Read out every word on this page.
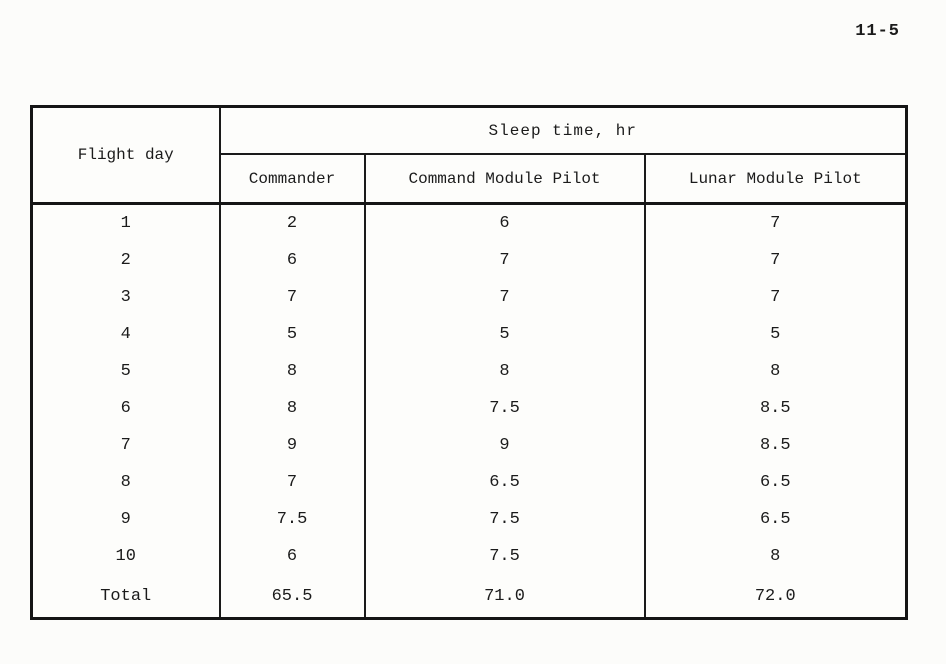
11-5
Flight day	Sleep time, hr		
	Commander	Command Module Pilot	Lunar Module Pilot
1	2	6	7
2	6	7	7
3	7	7	7
4	5	5	5
5	8	8	8
6	8	7.5	8.5
7	9	9	8.5
8	7	6.5	6.5
9	7.5	7.5	6.5
10	6	7.5	8
Total	65.5	71.0	72.0
